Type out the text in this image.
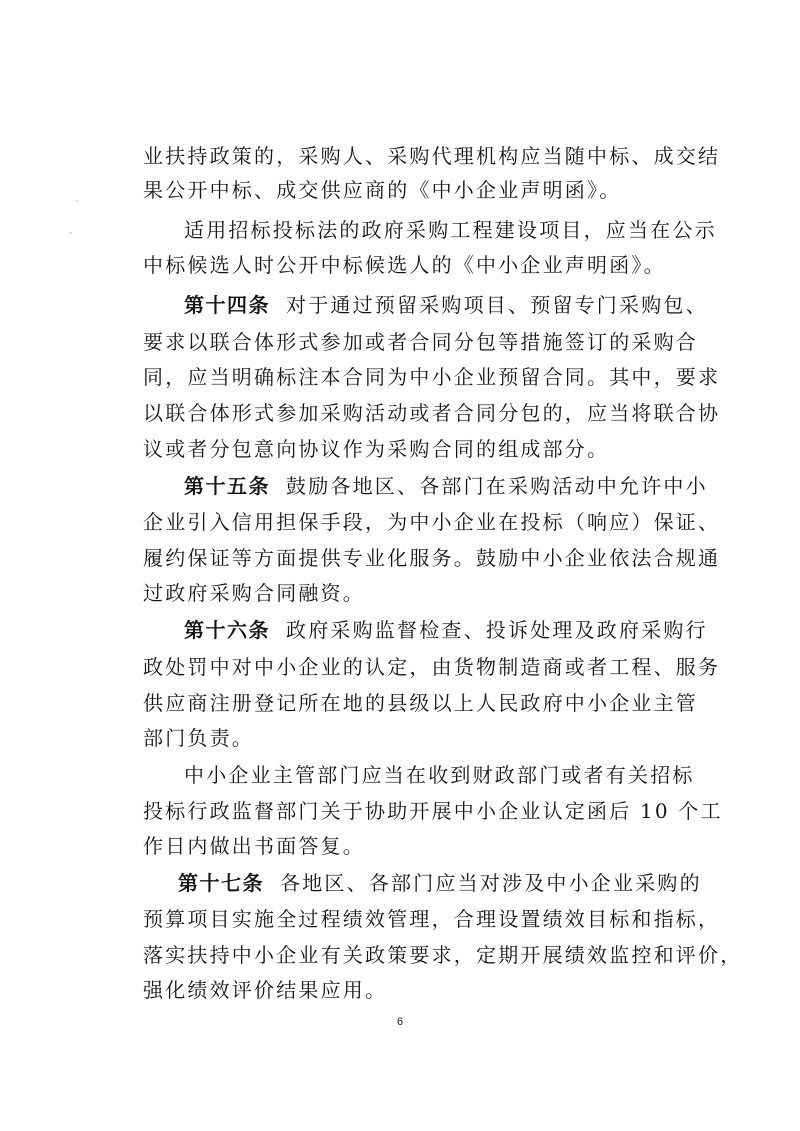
业扶持政策的，采购人、采购代理机构应当随中标、成交结
果公开中标、成交供应商的《中小企业声明函》。
适用招标投标法的政府采购工程建设项目，应当在公示
中标候选人时公开中标候选人的《中小企业声明函》。
第十四条 对于通过预留采购项目、预留专门采购包、
要求以联合体形式参加或者合同分包等措施签订的采购合
同，应当明确标注本合同为中小企业预留合同。其中，要求
以联合体形式参加采购活动或者合同分包的，应当将联合协
议或者分包意向协议作为采购合同的组成部分。
第十五条 鼓励各地区、各部门在采购活动中允许中小
企业引入信用担保手段，为中小企业在投标（响应）保证、
履约保证等方面提供专业化服务。鼓励中小企业依法合规通
过政府采购合同融资。
第十六条 政府采购监督检查、投诉处理及政府采购行
政处罚中对中小企业的认定，由货物制造商或者工程、服务
供应商注册登记所在地的县级以上人民政府中小企业主管
部门负责。
中小企业主管部门应当在收到财政部门或者有关招标
投标行政监督部门关于协助开展中小企业认定函后 10 个工
作日内做出书面答复。
第十七条 各地区、各部门应当对涉及中小企业采购的
预算项目实施全过程绩效管理，合理设置绩效目标和指标，
落实扶持中小企业有关政策要求，定期开展绩效监控和评价，
强化绩效评价结果应用。
6
